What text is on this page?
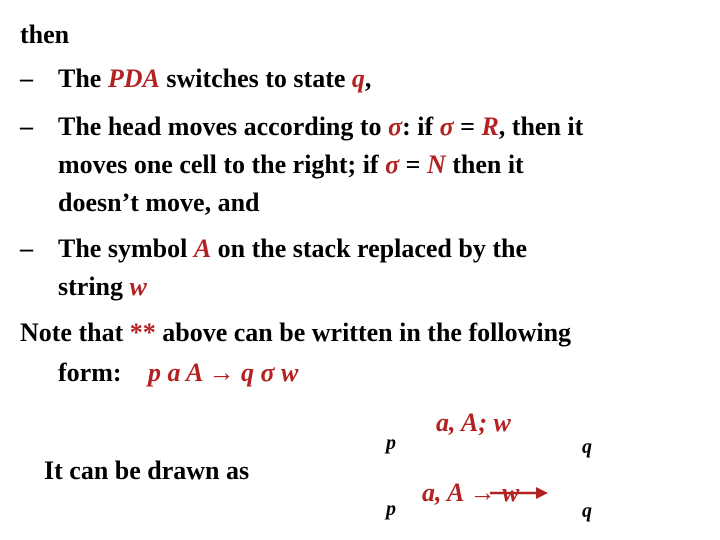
then
– The PDA switches to state q,
– The head moves according to σ: if σ = R, then it
moves one cell to the right; if σ = N then it
doesn’t move, and
– The symbol A on the stack replaced by the
string w
Note that ** above can be written in the following
form: p a A → q σ w
It can be drawn as
p
a, A; w
q
p
a, A → w
q
